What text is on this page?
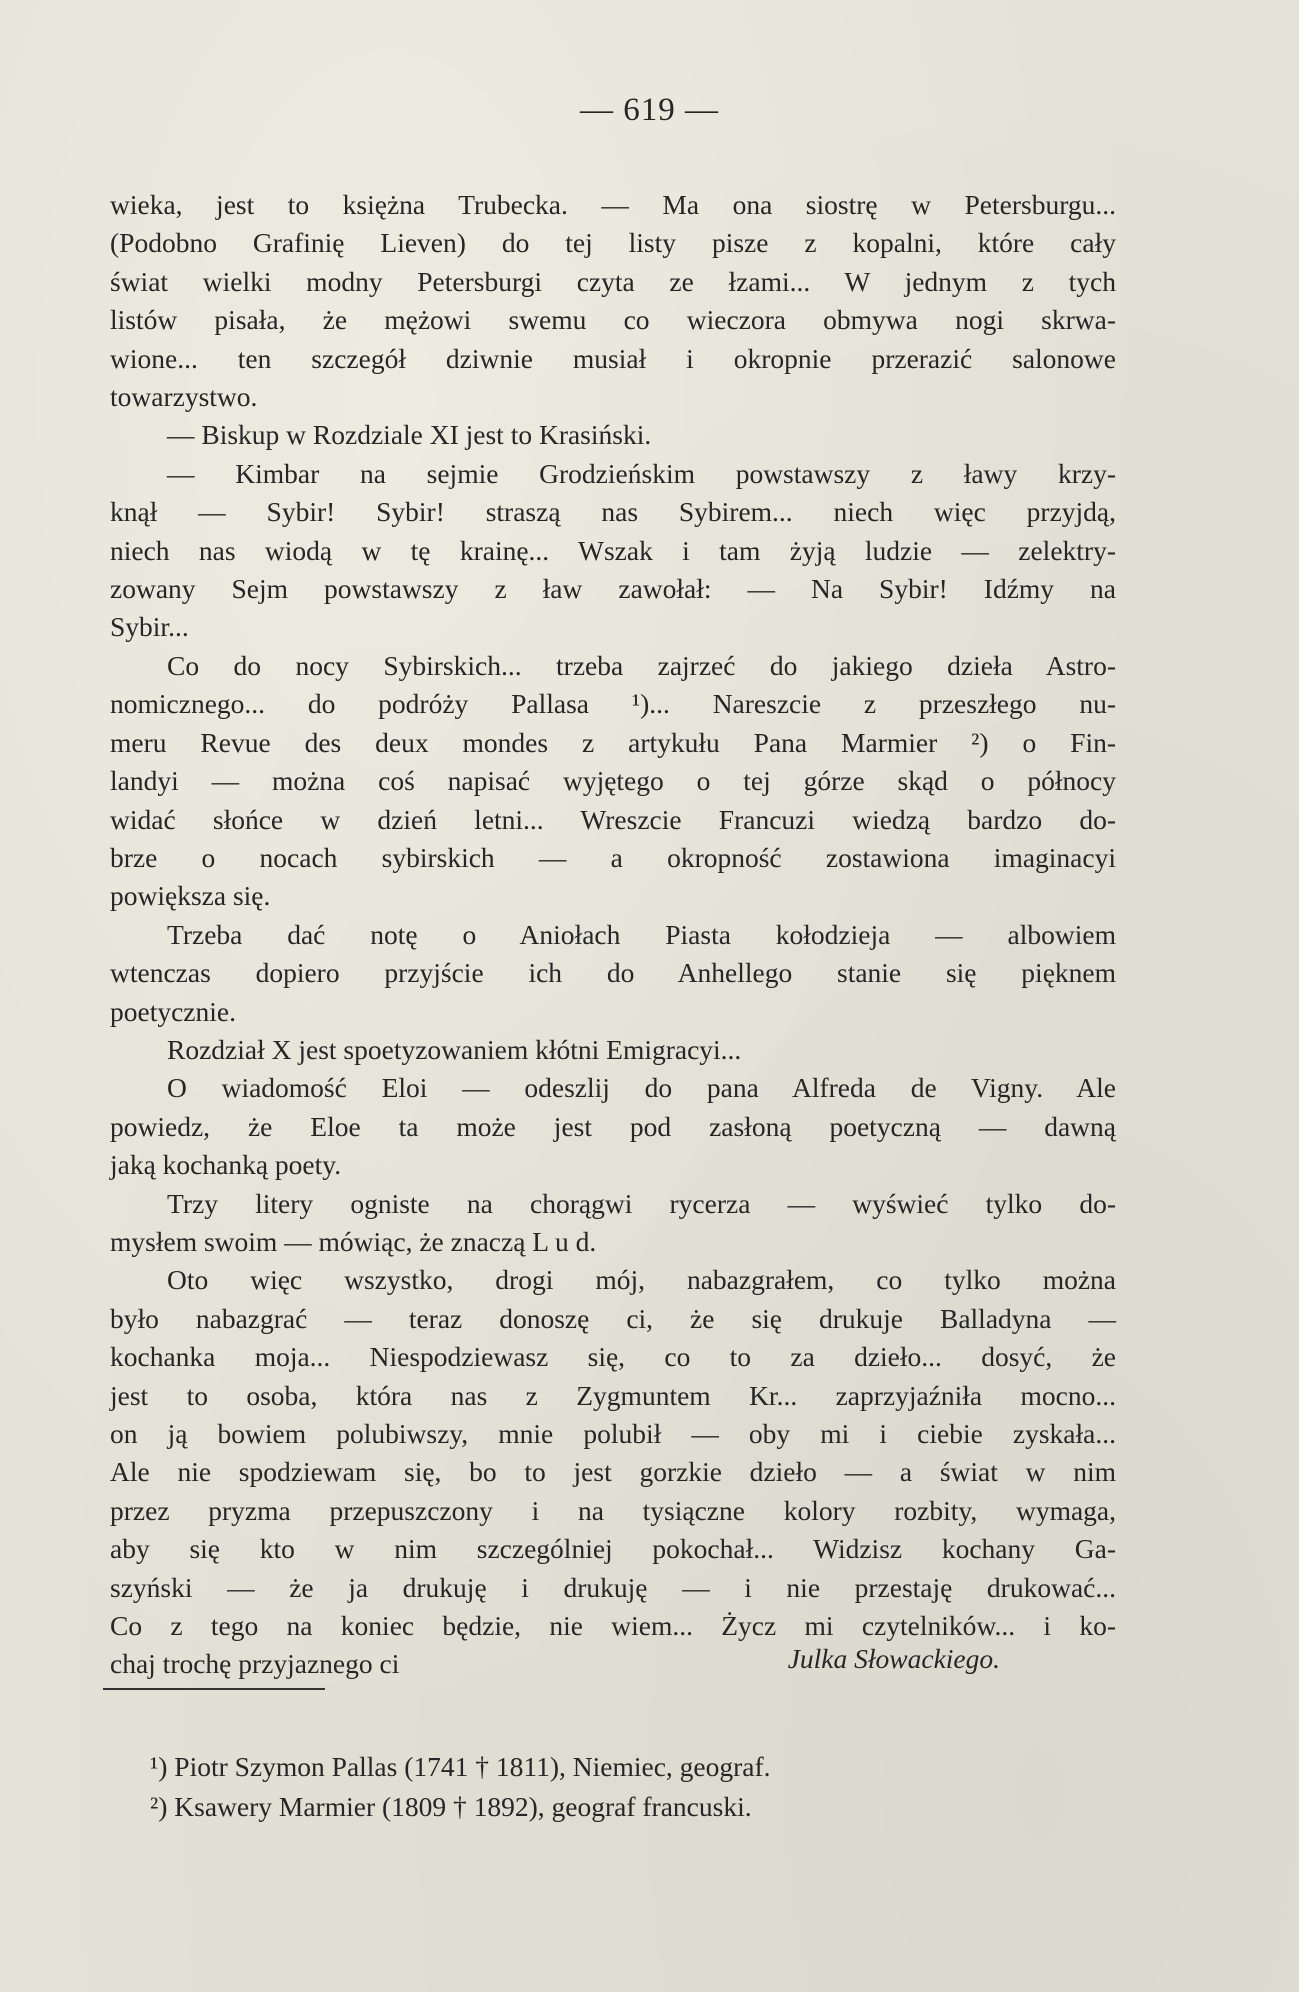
— 619 —
wieka, jest to księżna Trubecka. — Ma ona siostrę w Petersburgu...
(Podobno Grafinię Lieven) do tej listy pisze z kopalni, które cały
świat wielki modny Petersburgi czyta ze łzami... W jednym z tych
listów pisała, że mężowi swemu co wieczora obmywa nogi skrwa-
wione... ten szczegół dziwnie musiał i okropnie przerazić salonowe
towarzystwo.
— Biskup w Rozdziale XI jest to Krasiński.
— Kimbar na sejmie Grodzieńskim powstawszy z ławy krzy-
knął — Sybir! Sybir! straszą nas Sybirem... niech więc przyjdą,
niech nas wiodą w tę krainę... Wszak i tam żyją ludzie — zelektry-
zowany Sejm powstawszy z ław zawołał: — Na Sybir! Idźmy na
Sybir...
Co do nocy Sybirskich... trzeba zajrzeć do jakiego dzieła Astro-
nomicznego... do podróży Pallasa ¹)... Nareszcie z przeszłego nu-
meru Revue des deux mondes z artykułu Pana Marmier ²) o Fin-
landyi — można coś napisać wyjętego o tej górze skąd o północy
widać słońce w dzień letni... Wreszcie Francuzi wiedzą bardzo do-
brze o nocach sybirskich — a okropność zostawiona imaginacyi
powiększa się.
Trzeba dać notę o Aniołach Piasta kołodzieja — albowiem
wtenczas dopiero przyjście ich do Anhellego stanie się pięknem
poetycznie.
Rozdział X jest spoetyzowaniem kłótni Emigracyi...
O wiadomość Eloi — odeszlij do pana Alfreda de Vigny. Ale
powiedz, że Eloe ta może jest pod zasłoną poetyczną — dawną
jaką kochanką poety.
Trzy litery ogniste na chorągwi rycerza — wyświeć tylko do-
mysłem swoim — mówiąc, że znaczą L u d.
Oto więc wszystko, drogi mój, nabazgrałem, co tylko można
było nabazgrać — teraz donoszę ci, że się drukuje Balladyna —
kochanka moja... Niespodziewasz się, co to za dzieło... dosyć, że
jest to osoba, która nas z Zygmuntem Kr... zaprzyjaźniła mocno...
on ją bowiem polubiwszy, mnie polubił — oby mi i ciebie zyskała...
Ale nie spodziewam się, bo to jest gorzkie dzieło — a świat w nim
przez pryzma przepuszczony i na tysiączne kolory rozbity, wymaga,
aby się kto w nim szczególniej pokochał... Widzisz kochany Ga-
szyński — że ja drukuję i drukuję — i nie przestaję drukować...
Co z tego na koniec będzie, nie wiem... Życz mi czytelników... i ko-
chaj trochę przyjaznego ci	Julka Słowackiego.
¹) Piotr Szymon Pallas (1741 † 1811), Niemiec, geograf.
²) Ksawery Marmier (1809 † 1892), geograf francuski.
